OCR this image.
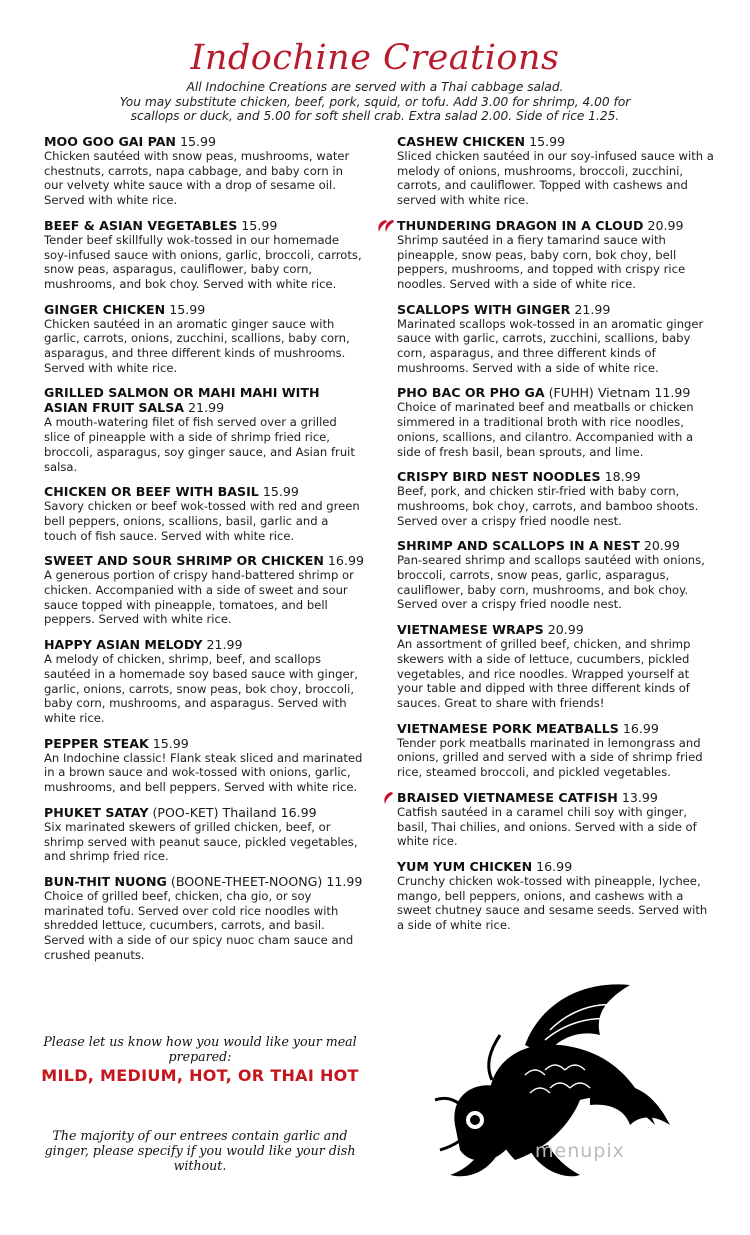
Indochine Creations
All Indochine Creations are served with a Thai cabbage salad.
You may substitute chicken, beef, pork, squid, or tofu. Add 3.00 for shrimp, 4.00 for
scallops or duck, and 5.00 for soft shell crab. Extra salad 2.00. Side of rice 1.25.
MOO GOO GAI PAN 15.99
Chicken sautéed with snow peas, mushrooms, water chestnuts, carrots, napa cabbage, and baby corn in our velvety white sauce with a drop of sesame oil. Served with white rice.
BEEF & ASIAN VEGETABLES 15.99
Tender beef skillfully wok-tossed in our homemade soy-infused sauce with onions, garlic, broccoli, carrots, snow peas, asparagus, cauliflower, baby corn, mushrooms, and bok choy. Served with white rice.
GINGER CHICKEN 15.99
Chicken sautéed in an aromatic ginger sauce with garlic, carrots, onions, zucchini, scallions, baby corn, asparagus, and three different kinds of mushrooms. Served with white rice.
GRILLED SALMON OR MAHI MAHI WITH ASIAN FRUIT SALSA 21.99
A mouth-watering filet of fish served over a grilled slice of pineapple with a side of shrimp fried rice, broccoli, asparagus, soy ginger sauce, and Asian fruit salsa.
CHICKEN OR BEEF WITH BASIL 15.99
Savory chicken or beef wok-tossed with red and green bell peppers, onions, scallions, basil, garlic and a touch of fish sauce. Served with white rice.
SWEET AND SOUR SHRIMP OR CHICKEN 16.99
A generous portion of crispy hand-battered shrimp or chicken. Accompanied with a side of sweet and sour sauce topped with pineapple, tomatoes, and bell peppers. Served with white rice.
HAPPY ASIAN MELODY 21.99
A melody of chicken, shrimp, beef, and scallops sautéed in a homemade soy based sauce with ginger, garlic, onions, carrots, snow peas, bok choy, broccoli, baby corn, mushrooms, and asparagus. Served with white rice.
PEPPER STEAK 15.99
An Indochine classic! Flank steak sliced and marinated in a brown sauce and wok-tossed with onions, garlic, mushrooms, and bell peppers. Served with white rice.
PHUKET SATAY (POO-KET) Thailand 16.99
Six marinated skewers of grilled chicken, beef, or shrimp served with peanut sauce, pickled vegetables, and shrimp fried rice.
BUN-THIT NUONG (BOONE-THEET-NOONG) 11.99
Choice of grilled beef, chicken, cha gio, or soy marinated tofu. Served over cold rice noodles with shredded lettuce, cucumbers, carrots, and basil. Served with a side of our spicy nuoc cham sauce and crushed peanuts.
CASHEW CHICKEN 15.99
Sliced chicken sautéed in our soy-infused sauce with a melody of onions, mushrooms, broccoli, zucchini, carrots, and cauliflower. Topped with cashews and served with white rice.
THUNDERING DRAGON IN A CLOUD 20.99
Shrimp sautéed in a fiery tamarind sauce with pineapple, snow peas, baby corn, bok choy, bell peppers, mushrooms, and topped with crispy rice noodles. Served with a side of white rice.
SCALLOPS WITH GINGER 21.99
Marinated scallops wok-tossed in an aromatic ginger sauce with garlic, carrots, zucchini, scallions, baby corn, asparagus, and three different kinds of mushrooms. Served with a side of white rice.
PHO BAC OR PHO GA (FUHH) Vietnam 11.99
Choice of marinated beef and meatballs or chicken simmered in a traditional broth with rice noodles, onions, scallions, and cilantro. Accompanied with a side of fresh basil, bean sprouts, and lime.
CRISPY BIRD NEST NOODLES 18.99
Beef, pork, and chicken stir-fried with baby corn, mushrooms, bok choy, carrots, and bamboo shoots. Served over a crispy fried noodle nest.
SHRIMP AND SCALLOPS IN A NEST 20.99
Pan-seared shrimp and scallops sautéed with onions, broccoli, carrots, snow peas, garlic, asparagus, cauliflower, baby corn, mushrooms, and bok choy. Served over a crispy fried noodle nest.
VIETNAMESE WRAPS 20.99
An assortment of grilled beef, chicken, and shrimp skewers with a side of lettuce, cucumbers, pickled vegetables, and rice noodles. Wrapped yourself at your table and dipped with three different kinds of sauces. Great to share with friends!
VIETNAMESE PORK MEATBALLS 16.99
Tender pork meatballs marinated in lemongrass and onions, grilled and served with a side of shrimp fried rice, steamed broccoli, and pickled vegetables.
BRAISED VIETNAMESE CATFISH 13.99
Catfish sautéed in a caramel chili soy with ginger, basil, Thai chilies, and onions. Served with a side of white rice.
YUM YUM CHICKEN 16.99
Crunchy chicken wok-tossed with pineapple, lychee, mango, bell peppers, onions, and cashews with a sweet chutney sauce and sesame seeds. Served with a side of white rice.
Please let us know how you would like your meal prepared:
MILD, MEDIUM, HOT, OR THAI HOT
The majority of our entrees contain garlic and ginger, please specify if you would like your dish without.
menupix
